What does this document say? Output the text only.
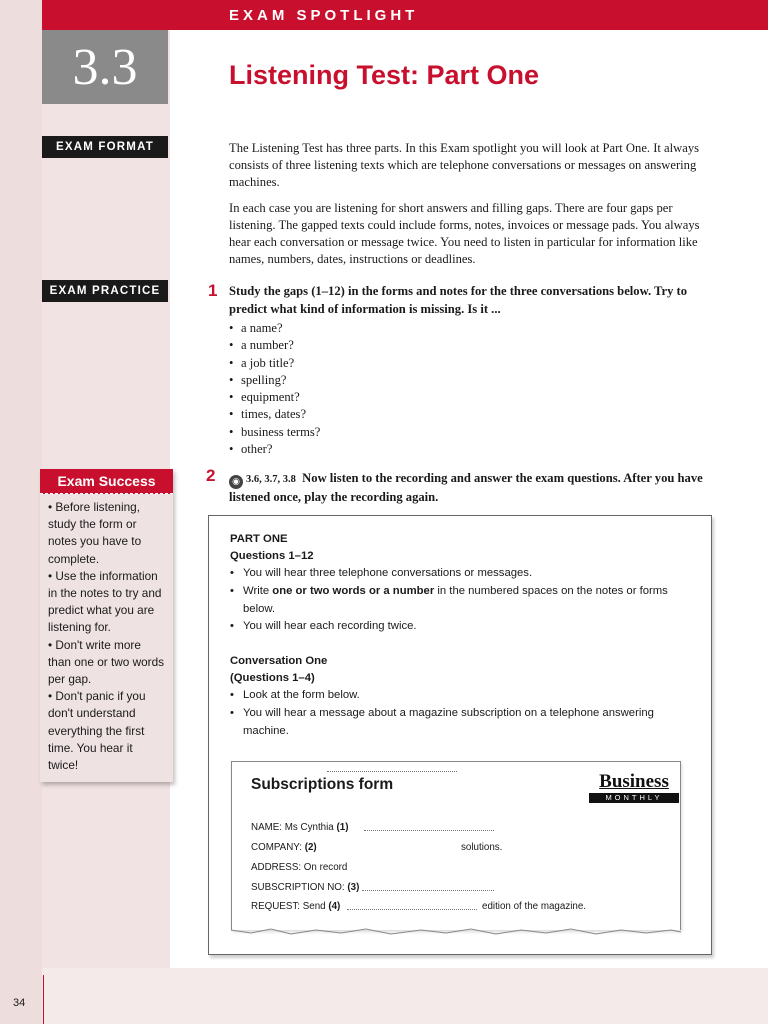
EXAM SPOTLIGHT
3.3	Listening Test: Part One
EXAM FORMAT
EXAM PRACTICE

The Listening Test has three parts. In this Exam spotlight you will look at Part One. It always consists of three listening texts which are telephone conversations or messages on answering machines.

In each case you are listening for short answers and filling gaps. There are four gaps per listening. The gapped texts could include forms, notes, invoices or message pads. You always hear each conversation or message twice. You need to listen in particular for information like names, numbers, dates, instructions or deadlines.

1 Study the gaps (1–12) in the forms and notes for the three conversations below. Try to predict what kind of information is missing. Is it ...
• a name?
• a number?
• a job title?
• spelling?
• equipment?
• times, dates?
• business terms?
• other?
2	◉ 3.6, 3.7, 3.8 Now listen to the recording and answer the exam questions. After you have listened once, play the recording again.
Exam Success
• Before listening, study the form or notes you have to complete.
• Use the information in the notes to try and predict what you are listening for.
• Don't write more than one or two words per gap.
• Don't panic if you don't understand everything the first time. You hear it twice!
PART ONE
Questions 1–12
• You will hear three telephone conversations or messages.
• Write one or two words or a number in the numbered spaces on the notes or forms below.
• You will hear each recording twice.
Conversation One
(Questions 1–4)
• Look at the form below.
• You will hear a message about a magazine subscription on a telephone answering machine.
Subscriptions form	Business
MONTHLY
NAME: Ms Cynthia (1)
COMPANY: (2)	solutions.
ADDRESS: On record
SUBSCRIPTION NO: (3)
REQUEST: Send (4)	edition of the magazine.
34
